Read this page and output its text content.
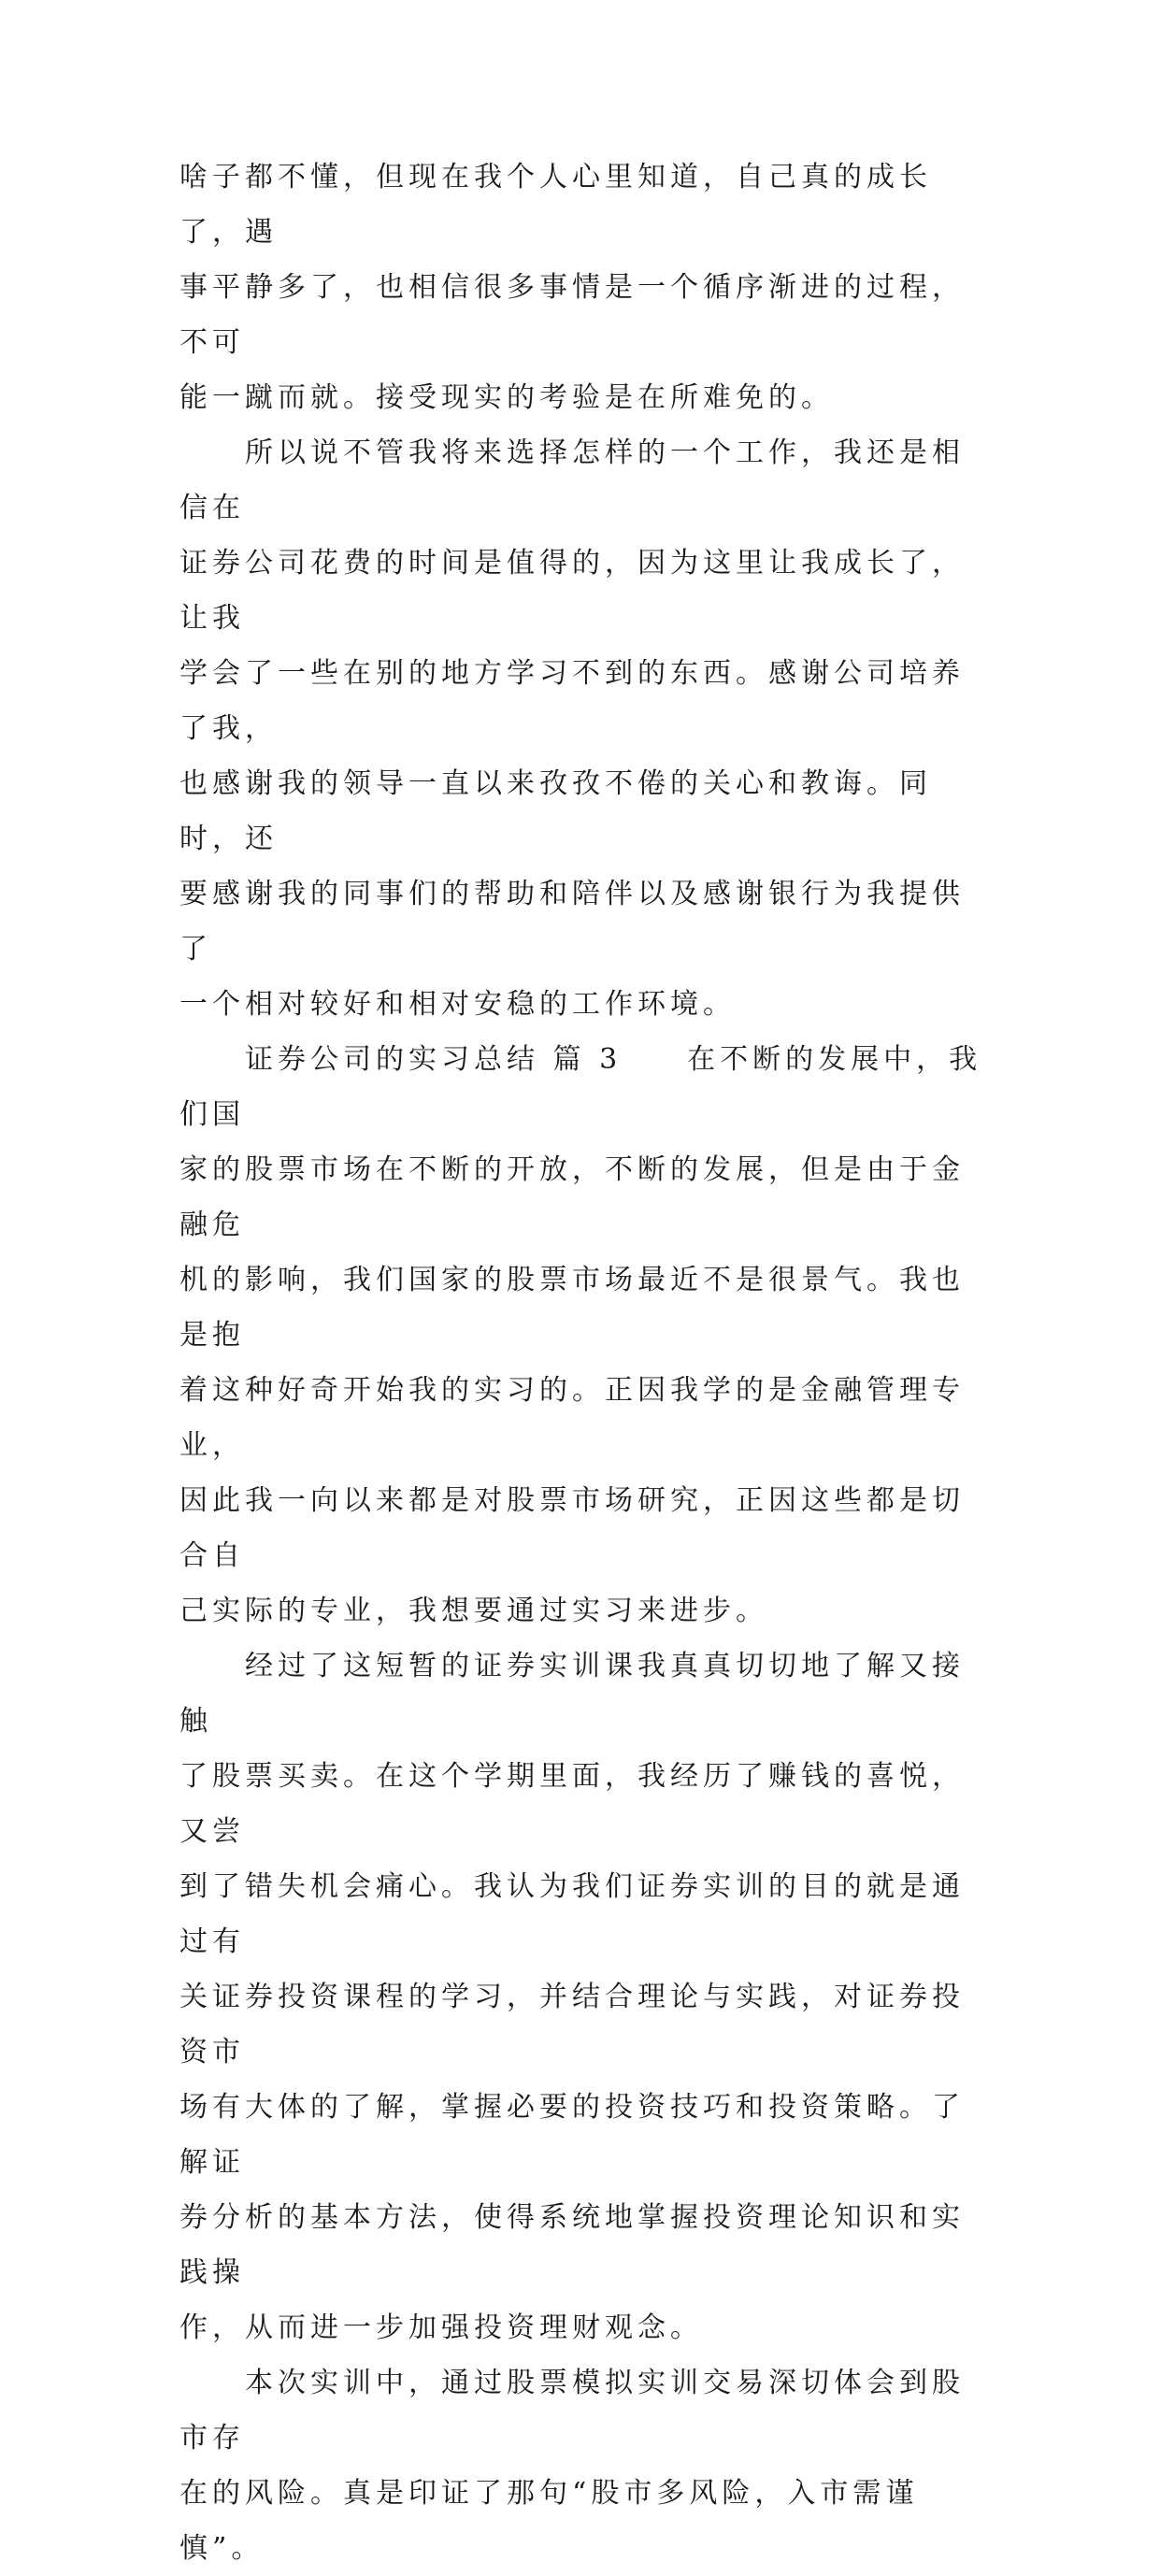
啥子都不懂，但现在我个人心里知道，自己真的成长了，遇
事平静多了，也相信很多事情是一个循序渐进的过程，不可
能一蹴而就。接受现实的考验是在所难免的。
　　所以说不管我将来选择怎样的一个工作，我还是相信在
证券公司花费的时间是值得的，因为这里让我成长了，让我
学会了一些在别的地方学习不到的东西。感谢公司培养了我，
也感谢我的领导一直以来孜孜不倦的关心和教诲。同时，还
要感谢我的同事们的帮助和陪伴以及感谢银行为我提供了
一个相对较好和相对安稳的工作环境。
　　证券公司的实习总结 篇 3　　在不断的发展中，我们国
家的股票市场在不断的开放，不断的发展，但是由于金融危
机的影响，我们国家的股票市场最近不是很景气。我也是抱
着这种好奇开始我的实习的。正因我学的是金融管理专业，
因此我一向以来都是对股票市场研究，正因这些都是切合自
己实际的专业，我想要通过实习来进步。
　　经过了这短暂的证券实训课我真真切切地了解又接触
了股票买卖。在这个学期里面，我经历了赚钱的喜悦，又尝
到了错失机会痛心。我认为我们证券实训的目的就是通过有
关证券投资课程的学习，并结合理论与实践，对证券投资市
场有大体的了解，掌握必要的投资技巧和投资策略。了解证
券分析的基本方法，使得系统地掌握投资理论知识和实践操
作，从而进一步加强投资理财观念。
　　本次实训中，通过股票模拟实训交易深切体会到股市存
在的风险。真是印证了那句“股市多风险，入市需谨慎”。
